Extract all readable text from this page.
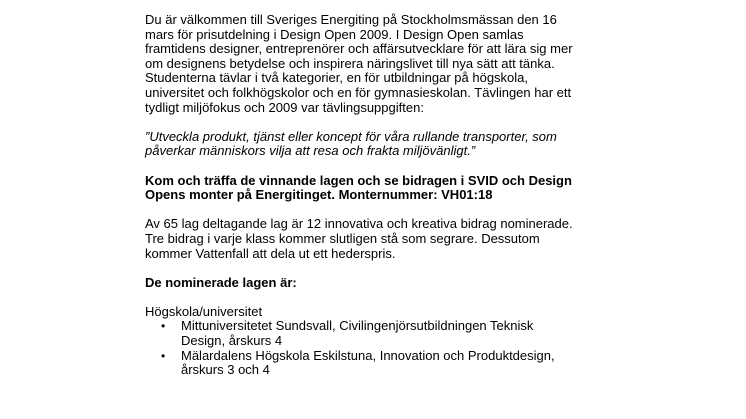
Du är välkommen till Sveriges Energiting på Stockholmsmässan den 16
mars för prisutdelning i Design Open 2009. I Design Open samlas
framtidens designer, entreprenörer och affärsutvecklare för att lära sig mer
om designens betydelse och inspirera näringslivet till nya sätt att tänka.
Studenterna tävlar i två kategorier, en för utbildningar på högskola,
universitet och folkhögskolor och en för gymnasieskolan. Tävlingen har ett
tydligt miljöfokus och 2009 var tävlingsuppgiften:

”Utveckla produkt, tjänst eller koncept för våra rullande transporter, som
påverkar människors vilja att resa och frakta miljövänligt.”

Kom och träffa de vinnande lagen och se bidragen i SVID och Design
Opens monter på Energitinget. Monternummer: VH01:18

Av 65 lag deltagande lag är 12 innovativa och kreativa bidrag nominerade.
Tre bidrag i varje klass kommer slutligen stå som segrare. Dessutom
kommer Vattenfall att dela ut ett hederspris.

De nominerade lagen är:

Högskola/universitet

• Mittuniversitetet Sundsvall, Civilingenjörsutbildningen Teknisk
Design, årskurs 4
• Mälardalens Högskola Eskilstuna, Innovation och Produktdesign,
årskurs 3 och 4
